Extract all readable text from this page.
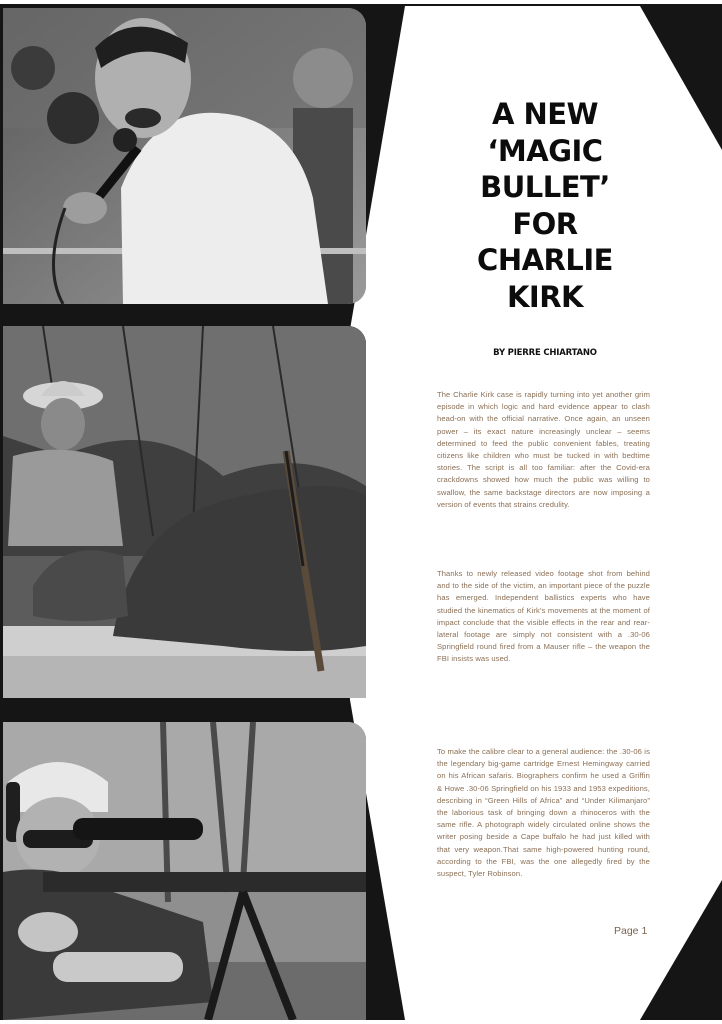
A NEW
‘MAGIC
BULLET’
FOR
CHARLIE
KIRK
BY PIERRE CHIARTANO

The Charlie Kirk case is rapidly turning into yet another grim episode in which logic and hard evidence appear to clash head-on with the official narrative. Once again, an unseen power – its exact nature increasingly unclear – seems determined to feed the public convenient fables, treating citizens like children who must be tucked in with bedtime stories. The script is all too familiar: after the Covid-era crackdowns showed how much the public was willing to swallow, the same backstage directors are now imposing a version of events that strains credulity.

Thanks to newly released video footage shot from behind and to the side of the victim, an important piece of the puzzle has emerged. Independent ballistics experts who have studied the kinematics of Kirk’s movements at the moment of impact conclude that the visible effects in the rear and rear-lateral footage are simply not consistent with a .30-06 Springfield round fired from a Mauser rifle – the weapon the FBI insists was used.

To make the calibre clear to a general audience: the .30-06 is the legendary big-game cartridge Ernest Hemingway carried on his African safaris. Biographers confirm he used a Griffin & Howe .30-06 Springfield on his 1933 and 1953 expeditions, describing in “Green Hills of Africa” and “Under Kilimanjaro” the laborious task of bringing down a rhinoceros with the same rifle. A photograph widely circulated online shows the writer posing beside a Cape buffalo he had just killed with that very weapon.That same high-powered hunting round, according to the FBI, was the one allegedly fired by the suspect, Tyler Robinson.

Page 1
